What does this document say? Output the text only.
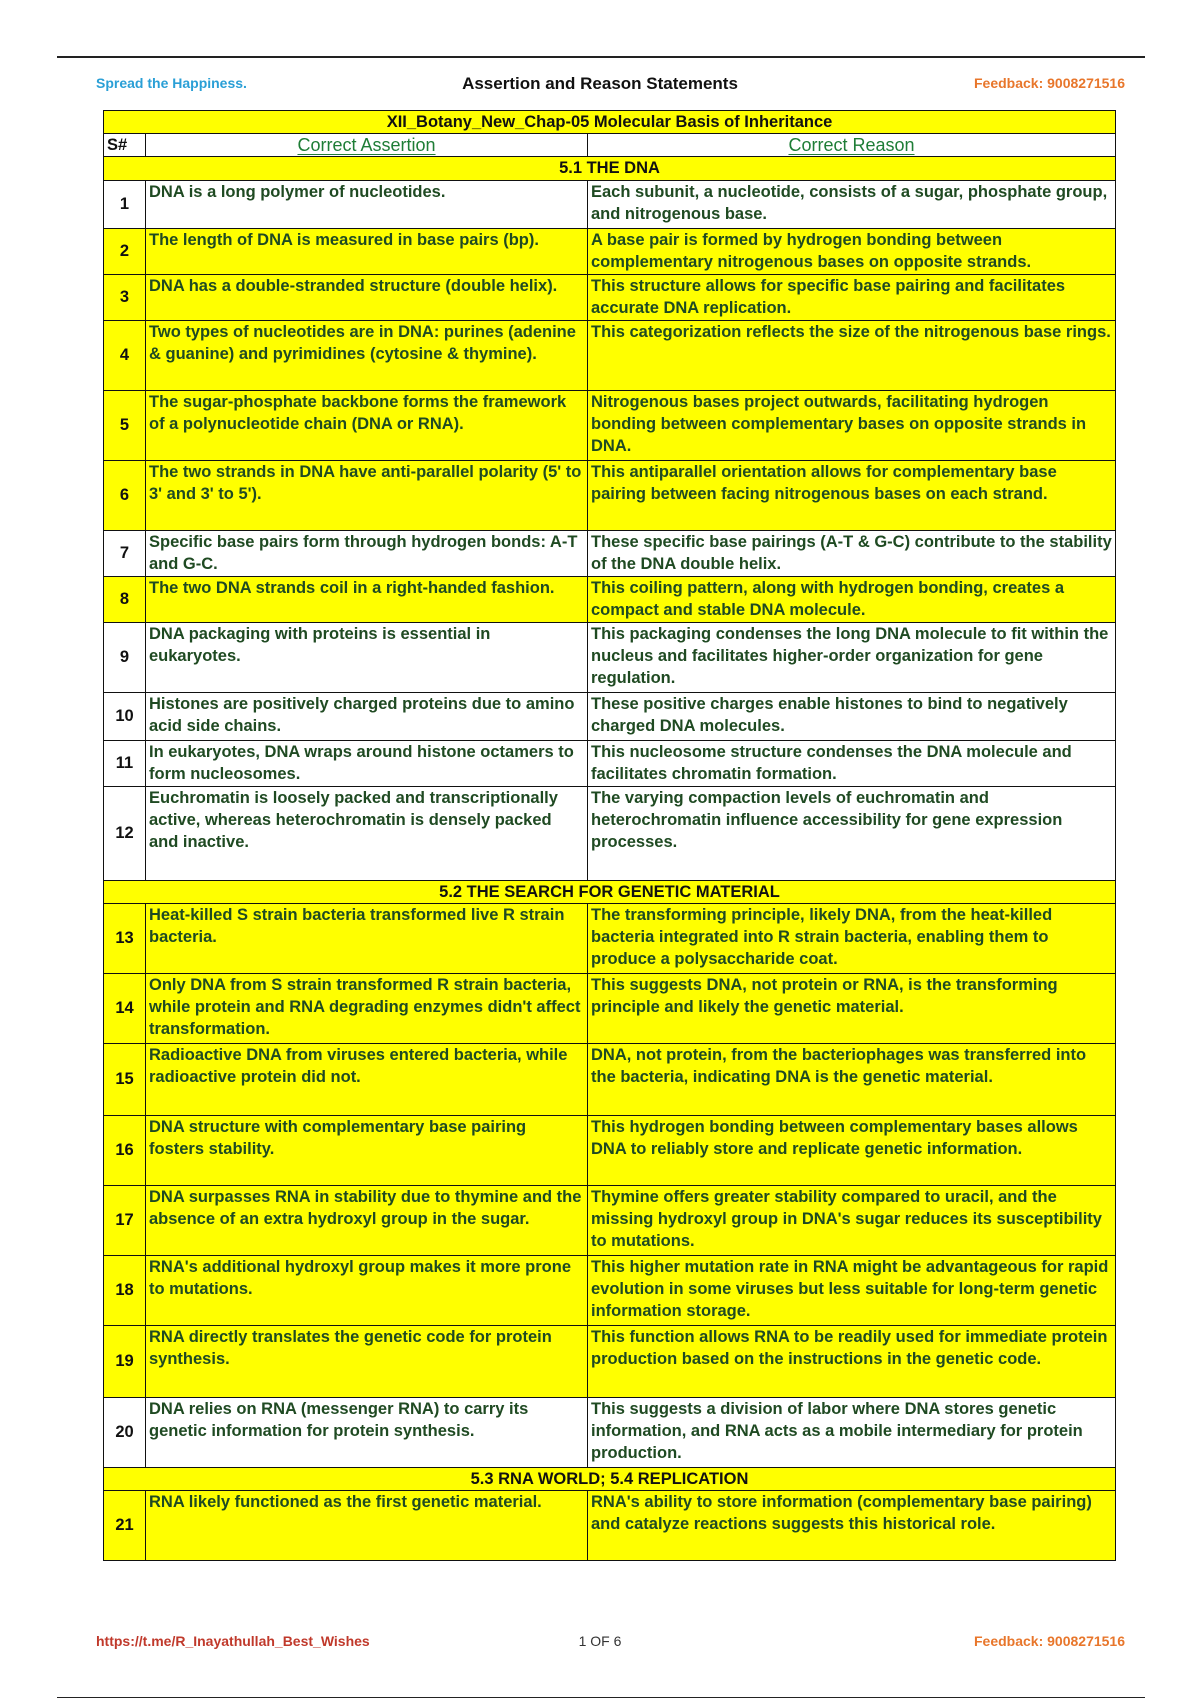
Spread the Happiness.	Assertion and Reason Statements	Feedback: 9008271516
XII_Botany_New_Chap-05 Molecular Basis of Inheritance		
S#	Correct Assertion	Correct Reason
5.1 THE DNA		
1	DNA is a long polymer of nucleotides.	Each subunit, a nucleotide, consists of a sugar, phosphate group, and nitrogenous base.
2	The length of DNA is measured in base pairs (bp).	A base pair is formed by hydrogen bonding between complementary nitrogenous bases on opposite strands.
3	DNA has a double-stranded structure (double helix).	This structure allows for specific base pairing and facilitates accurate DNA replication.
4	Two types of nucleotides are in DNA: purines (adenine & guanine) and pyrimidines (cytosine & thymine).	This categorization reflects the size of the nitrogenous base rings.
5	The sugar-phosphate backbone forms the framework of a polynucleotide chain (DNA or RNA).	Nitrogenous bases project outwards, facilitating hydrogen bonding between complementary bases on opposite strands in DNA.
6	The two strands in DNA have anti-parallel polarity (5' to 3' and 3' to 5').	This antiparallel orientation allows for complementary base pairing between facing nitrogenous bases on each strand.
7	Specific base pairs form through hydrogen bonds: A-T and G-C.	These specific base pairings (A-T & G-C) contribute to the stability of the DNA double helix.
8	The two DNA strands coil in a right-handed fashion.	This coiling pattern, along with hydrogen bonding, creates a compact and stable DNA molecule.
9	DNA packaging with proteins is essential in eukaryotes.	This packaging condenses the long DNA molecule to fit within the nucleus and facilitates higher-order organization for gene regulation.
10	Histones are positively charged proteins due to amino acid side chains.	These positive charges enable histones to bind to negatively charged DNA molecules.
11	In eukaryotes, DNA wraps around histone octamers to form nucleosomes.	This nucleosome structure condenses the DNA molecule and facilitates chromatin formation.
12	Euchromatin is loosely packed and transcriptionally active, whereas heterochromatin is densely packed and inactive.	The varying compaction levels of euchromatin and heterochromatin influence accessibility for gene expression processes.
5.2 THE SEARCH FOR GENETIC MATERIAL		
13	Heat-killed S strain bacteria transformed live R strain bacteria.	The transforming principle, likely DNA, from the heat-killed bacteria integrated into R strain bacteria, enabling them to produce a polysaccharide coat.
14	Only DNA from S strain transformed R strain bacteria, while protein and RNA degrading enzymes didn't affect transformation.	This suggests DNA, not protein or RNA, is the transforming principle and likely the genetic material.
15	Radioactive DNA from viruses entered bacteria, while radioactive protein did not.	DNA, not protein, from the bacteriophages was transferred into the bacteria, indicating DNA is the genetic material.
16	DNA structure with complementary base pairing fosters stability.	This hydrogen bonding between complementary bases allows DNA to reliably store and replicate genetic information.
17	DNA surpasses RNA in stability due to thymine and the absence of an extra hydroxyl group in the sugar.	Thymine offers greater stability compared to uracil, and the missing hydroxyl group in DNA's sugar reduces its susceptibility to mutations.
18	RNA's additional hydroxyl group makes it more prone to mutations.	This higher mutation rate in RNA might be advantageous for rapid evolution in some viruses but less suitable for long-term genetic information storage.
19	RNA directly translates the genetic code for protein synthesis.	This function allows RNA to be readily used for immediate protein production based on the instructions in the genetic code.
20	DNA relies on RNA (messenger RNA) to carry its genetic information for protein synthesis.	This suggests a division of labor where DNA stores genetic information, and RNA acts as a mobile intermediary for protein production.
5.3 RNA WORLD; 5.4 REPLICATION		
21	RNA likely functioned as the first genetic material.	RNA's ability to store information (complementary base pairing) and catalyze reactions suggests this historical role.
https://t.me/R_Inayathullah_Best_Wishes	1 OF 6	Feedback: 9008271516
